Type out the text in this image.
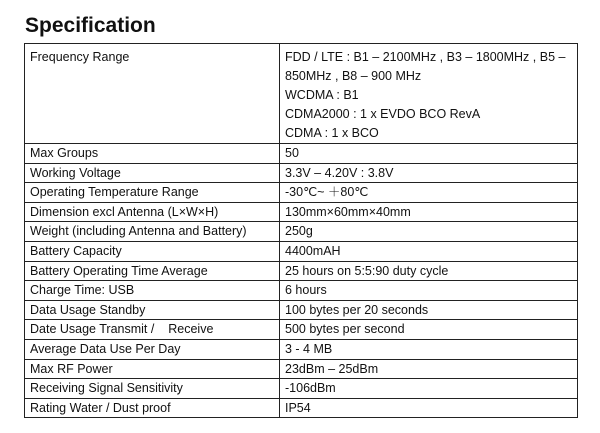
Specification
Frequency Range	FDD / LTE : B1 – 2100MHz , B3 – 1800MHz , B5 –
850MHz , B8 – 900 MHz
WCDMA : B1
CDMA2000 : 1 x EVDO BCO RevA
CDMA : 1 x BCO

Max Groups	50
Working Voltage	3.3V – 4.20V : 3.8V
Operating Temperature Range	-30℃~ ＋80℃
Dimension excl Antenna (L×W×H)	130mm×60mm×40mm
Weight (including Antenna and Battery)	250g
Battery Capacity	4400mAH
Battery Operating Time Average	25 hours on 5:5:90 duty cycle
Charge Time: USB	6 hours
Data Usage Standby	100 bytes per 20 seconds
Date Usage Transmit /    Receive	500 bytes per second
Average Data Use Per Day	3 - 4 MB
Max RF Power	23dBm – 25dBm
Receiving Signal Sensitivity	-106dBm
Rating Water / Dust proof	IP54
